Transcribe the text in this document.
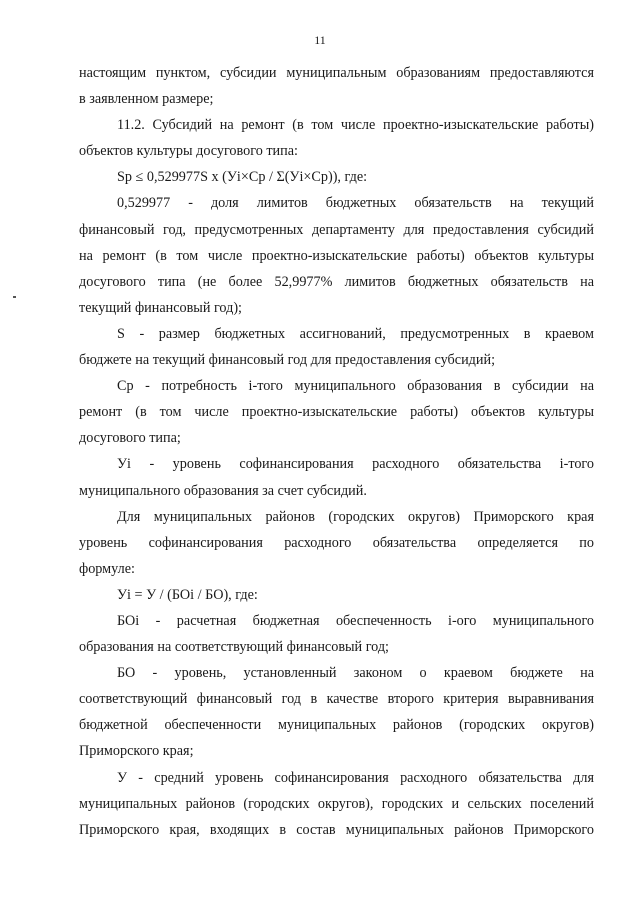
11
настоящим пунктом, субсидии муниципальным образованиям предоставляются
в заявленном размере;
11.2. Субсидий на ремонт (в том числе проектно-изыскательские работы)
объектов культуры досугового типа:
Sp ≤ 0,529977S х (Уi×Cp / Σ(Уi×Cp)), где:
0,529977 - доля лимитов бюджетных обязательств на текущий
финансовый год, предусмотренных департаменту для предоставления субсидий
на ремонт (в том числе проектно-изыскательские работы) объектов культуры
досугового типа (не более 52,9977% лимитов бюджетных обязательств на
текущий финансовый год);
S - размер бюджетных ассигнований, предусмотренных в краевом
бюджете на текущий финансовый год для предоставления субсидий;
Cp - потребность i-того муниципального образования в субсидии на
ремонт (в том числе проектно-изыскательские работы) объектов культуры
досугового типа;
Уi - уровень софинансирования расходного обязательства i-того
муниципального образования за счет субсидий.
Для муниципальных районов (городских округов) Приморского края
уровень софинансирования расходного обязательства определяется по
формуле:
Уi = У / (БОi / БО), где:
БОi - расчетная бюджетная обеспеченность i-ого муниципального
образования на соответствующий финансовый год;
БО - уровень, установленный законом о краевом бюджете на
соответствующий финансовый год в качестве второго критерия выравнивания
бюджетной обеспеченности муниципальных районов (городских округов)
Приморского края;
У - средний уровень софинансирования расходного обязательства для
муниципальных районов (городских округов), городских и сельских поселений
Приморского края, входящих в состав муниципальных районов Приморского
